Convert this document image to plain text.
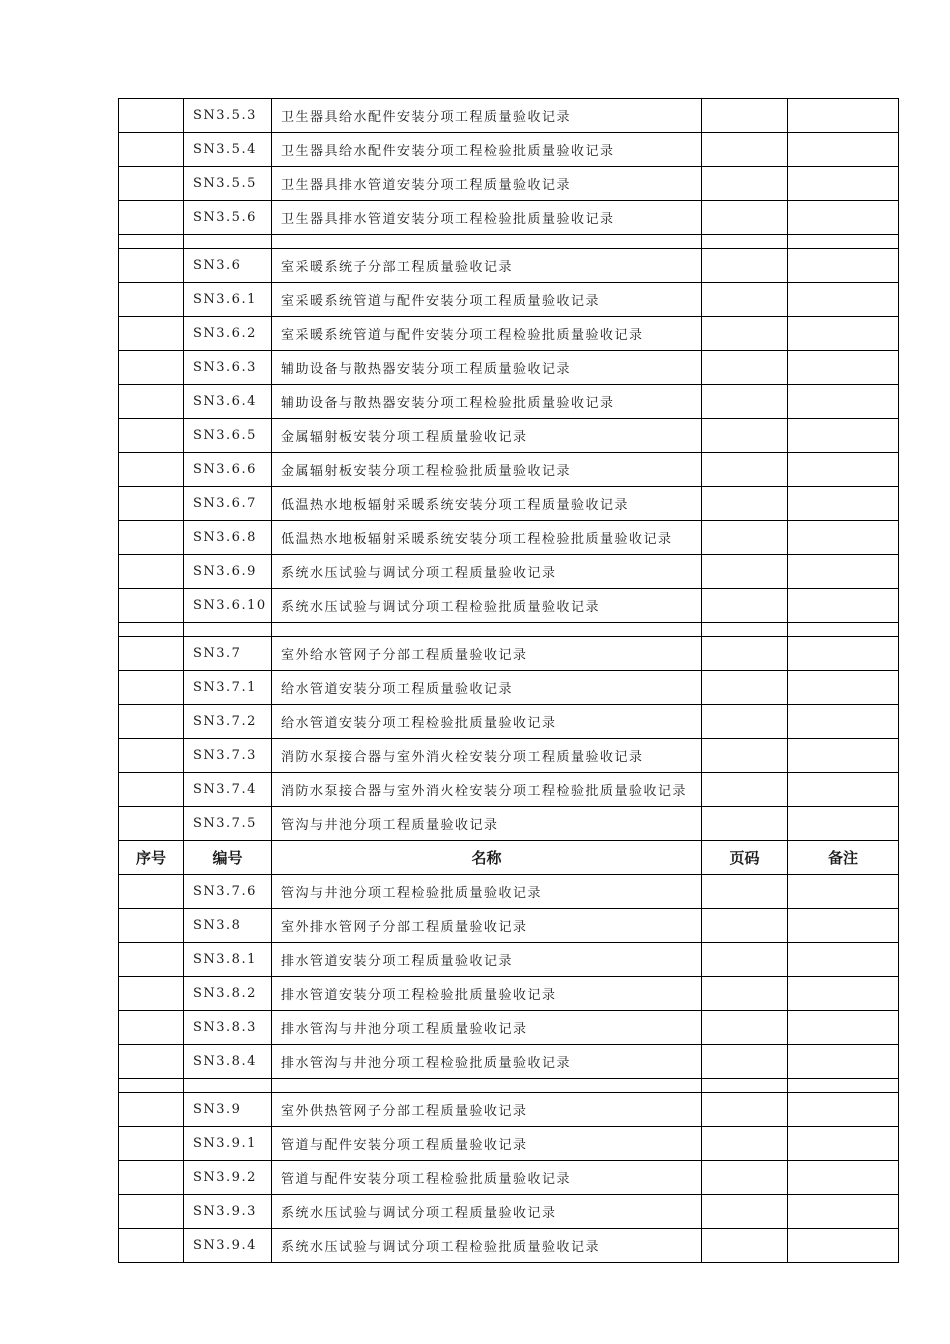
	SN3.5.3	卫生器具给水配件安装分项工程质量验收记录		
	SN3.5.4	卫生器具给水配件安装分项工程检验批质量验收记录		
	SN3.5.5	卫生器具排水管道安装分项工程质量验收记录		
	SN3.5.6	卫生器具排水管道安装分项工程检验批质量验收记录		

	SN3.6	室采暖系统子分部工程质量验收记录		
	SN3.6.1	室采暖系统管道与配件安装分项工程质量验收记录		
	SN3.6.2	室采暖系统管道与配件安装分项工程检验批质量验收记录		
	SN3.6.3	辅助设备与散热器安装分项工程质量验收记录		
	SN3.6.4	辅助设备与散热器安装分项工程检验批质量验收记录		
	SN3.6.5	金属辐射板安装分项工程质量验收记录		
	SN3.6.6	金属辐射板安装分项工程检验批质量验收记录		
	SN3.6.7	低温热水地板辐射采暖系统安装分项工程质量验收记录		
	SN3.6.8	低温热水地板辐射采暖系统安装分项工程检验批质量验收记录		
	SN3.6.9	系统水压试验与调试分项工程质量验收记录		
	SN3.6.10	系统水压试验与调试分项工程检验批质量验收记录		

	SN3.7	室外给水管网子分部工程质量验收记录		
	SN3.7.1	给水管道安装分项工程质量验收记录		
	SN3.7.2	给水管道安装分项工程检验批质量验收记录		
	SN3.7.3	消防水泵接合器与室外消火栓安装分项工程质量验收记录		
	SN3.7.4	消防水泵接合器与室外消火栓安装分项工程检验批质量验收记录		
	SN3.7.5	管沟与井池分项工程质量验收记录		
序号	编号	名称	页码	备注
	SN3.7.6	管沟与井池分项工程检验批质量验收记录		
	SN3.8	室外排水管网子分部工程质量验收记录		
	SN3.8.1	排水管道安装分项工程质量验收记录		
	SN3.8.2	排水管道安装分项工程检验批质量验收记录		
	SN3.8.3	排水管沟与井池分项工程质量验收记录		
	SN3.8.4	排水管沟与井池分项工程检验批质量验收记录		

	SN3.9	室外供热管网子分部工程质量验收记录		
	SN3.9.1	管道与配件安装分项工程质量验收记录		
	SN3.9.2	管道与配件安装分项工程检验批质量验收记录		
	SN3.9.3	系统水压试验与调试分项工程质量验收记录		
	SN3.9.4	系统水压试验与调试分项工程检验批质量验收记录		
